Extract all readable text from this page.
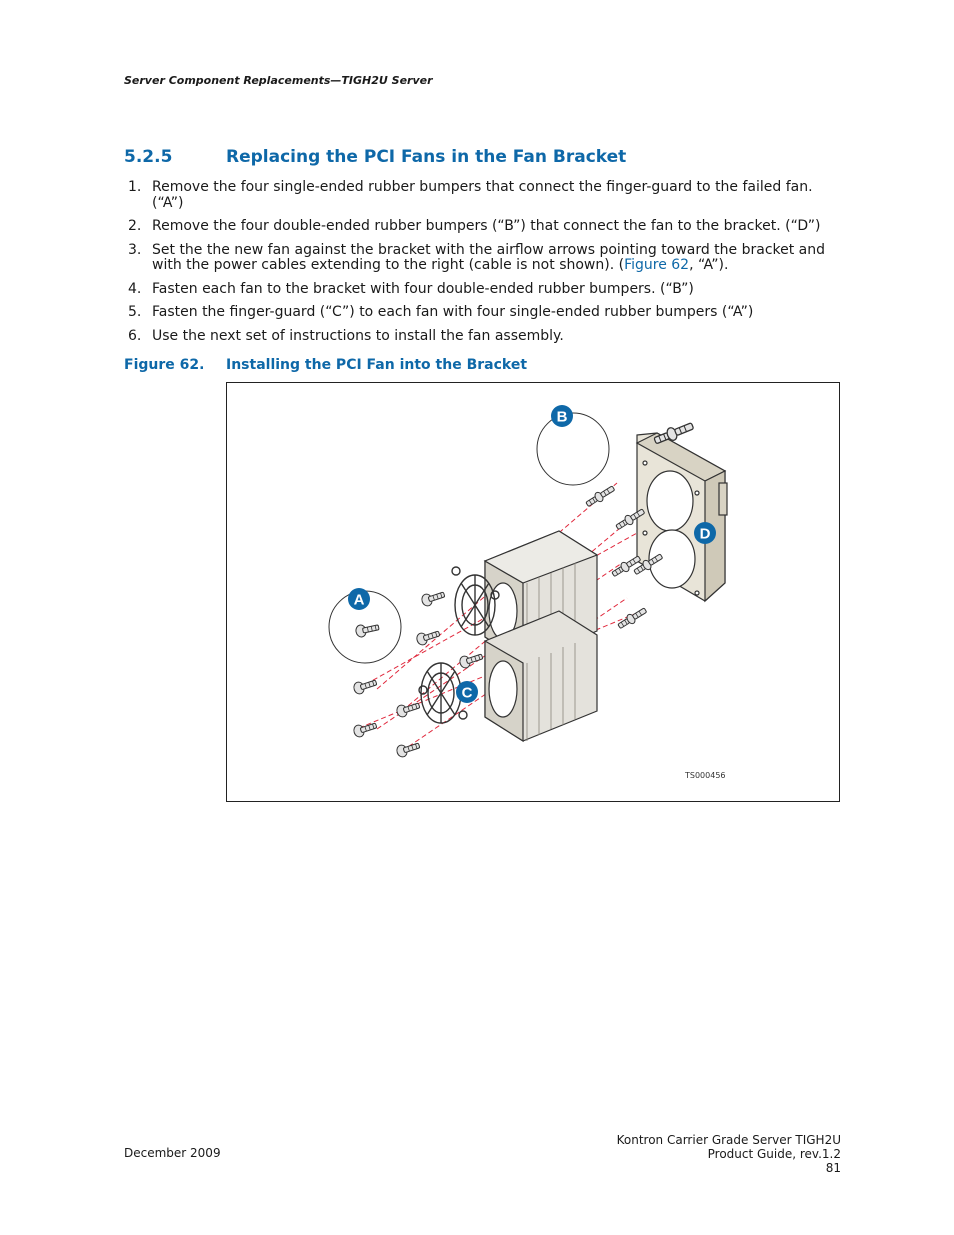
Server Component Replacements—TIGH2U Server
5.2.5	Replacing the PCI Fans in the Fan Bracket
1. Remove the four single-ended rubber bumpers that connect the finger-guard to the failed fan. (“A”)
2. Remove the four double-ended rubber bumpers (“B”) that connect the fan to the bracket. (“D”)
3. Set the the new fan against the bracket with the airflow arrows pointing toward the bracket and with the power cables extending to the right (cable is not shown). (Figure 62, “A”).
4. Fasten each fan to the bracket with four double-ended rubber bumpers. (“B”)
5. Fasten the finger-guard (“C”) to each fan with four single-ended rubber bumpers (“A”)
6. Use the next set of instructions to install the fan assembly.
Figure 62. Installing the PCI Fan into the Bracket
B
D
A
C
TS000456
December 2009
Kontron Carrier Grade Server TIGH2U
Product Guide, rev.1.2
81
